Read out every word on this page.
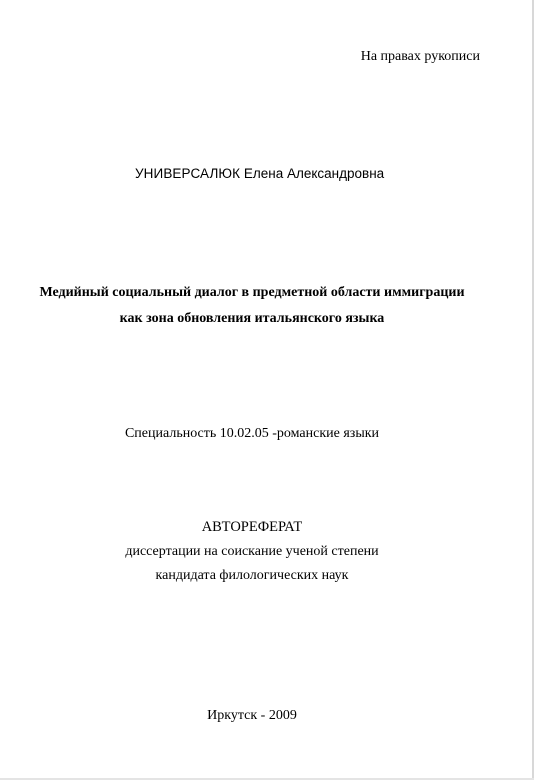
На правах рукописи
УНИВЕРСАЛЮК Елена Александровна
Медийный социальный диалог в предметной области иммиграции
как зона обновления итальянского языка
Специальность 10.02.05 -романские языки
АВТОРЕФЕРАТ
диссертации на соискание ученой степени
кандидата филологических наук
Иркутск - 2009
